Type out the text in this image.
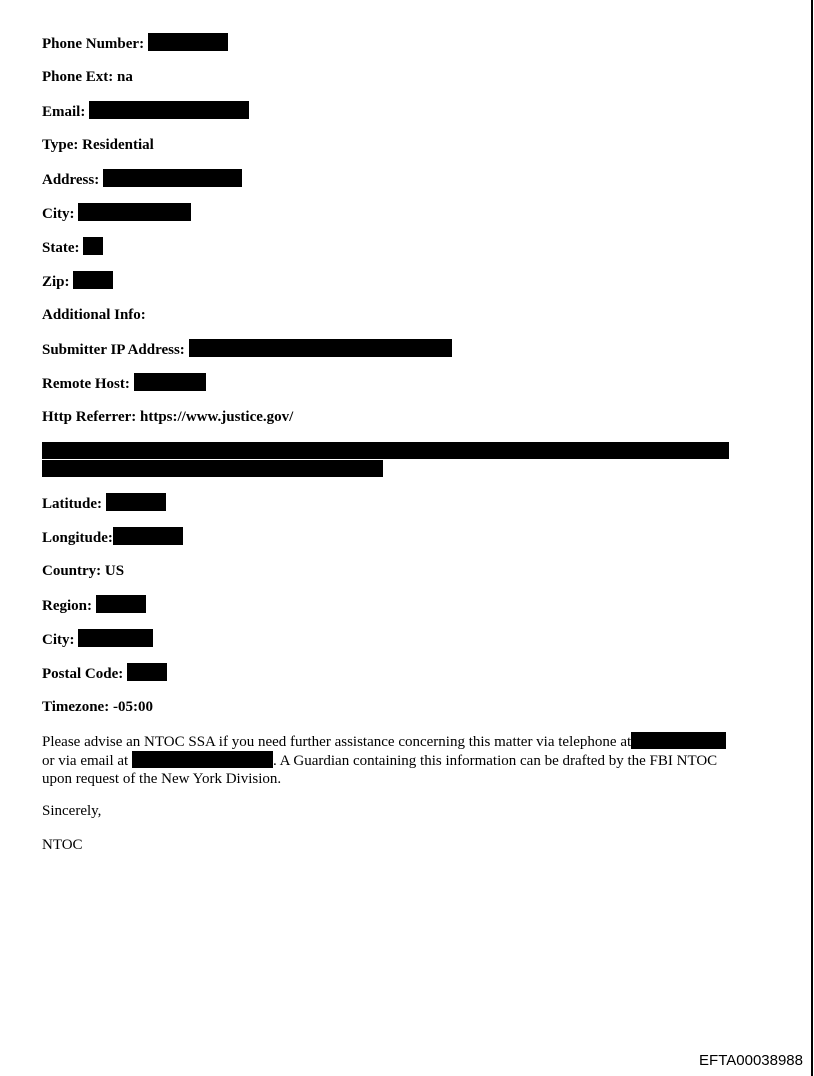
Phone Number:
Phone Ext: na
Email:
Type: Residential
Address:
City:
State:
Zip:
Additional Info:
Submitter IP Address:
Remote Host:
Http Referrer: https://www.justice.gov/
Latitude:
Longitude:
Country: US
Region:
City:
Postal Code:
Timezone: -05:00
Please advise an NTOC SSA if you need further assistance concerning this matter via telephone at
or via email at	. A Guardian containing this information can be drafted by the FBI NTOC
upon request of the New York Division.
Sincerely,
NTOC
EFTA00038988
